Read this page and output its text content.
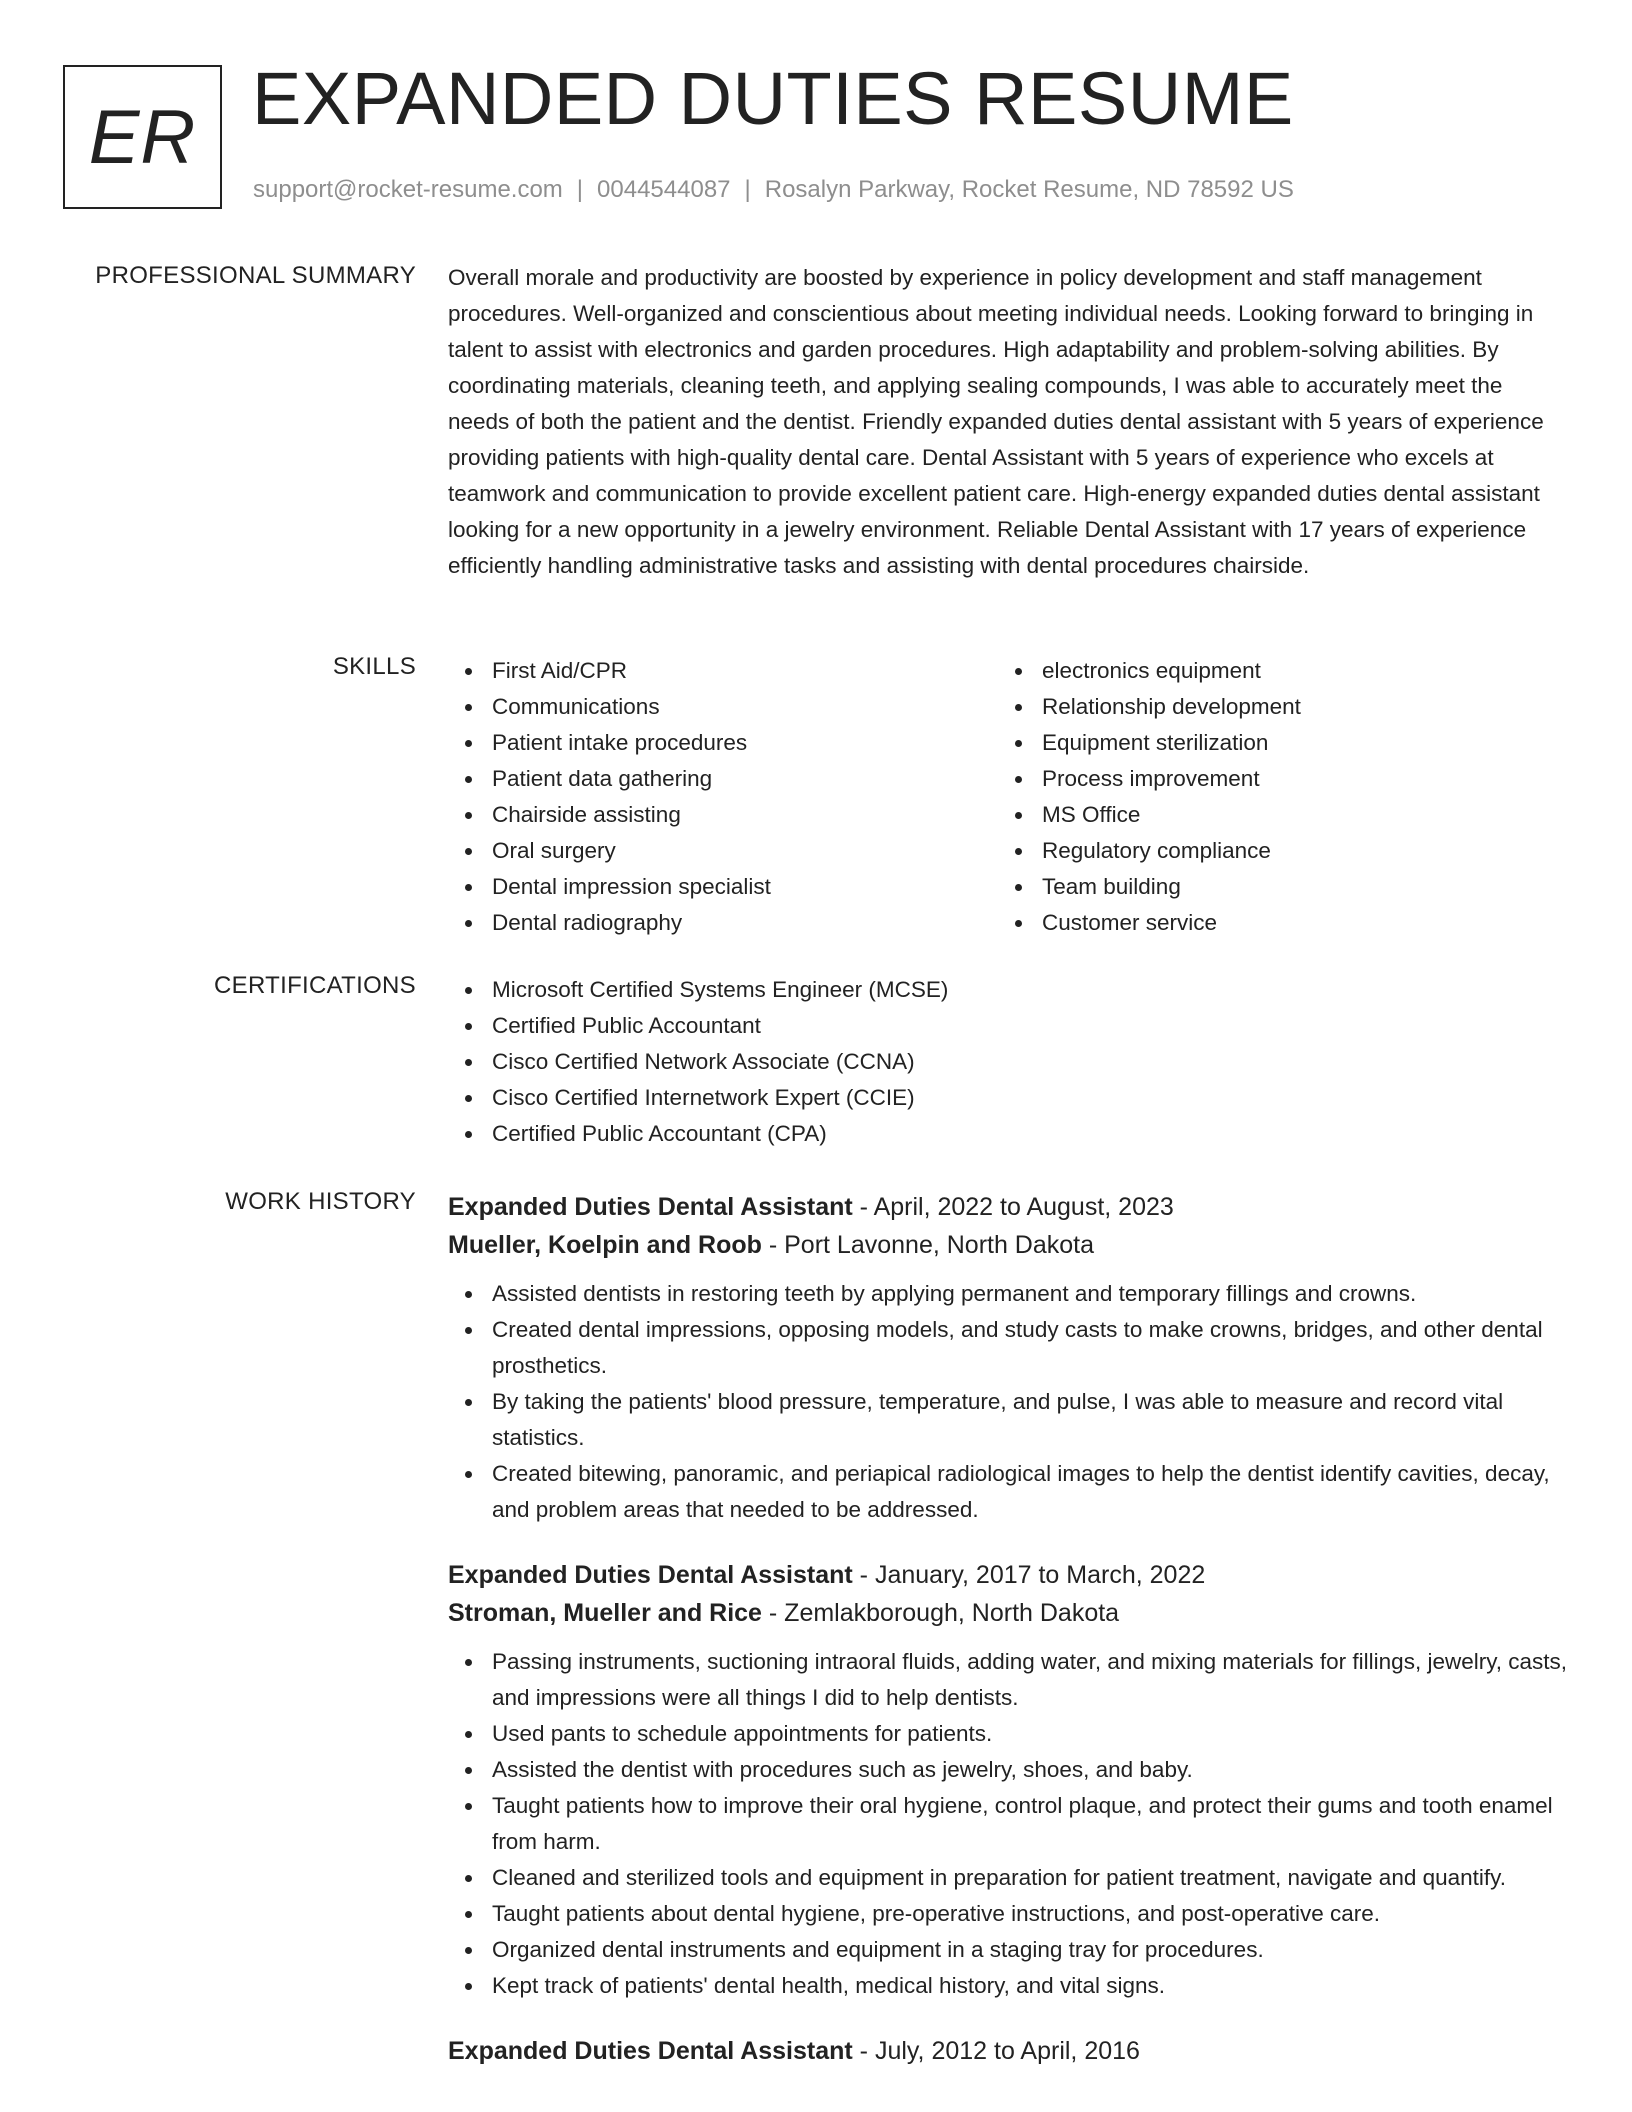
ER EXPANDED DUTIES RESUME
support@rocket-resume.com | 0044544087 | Rosalyn Parkway, Rocket Resume, ND 78592 US
PROFESSIONAL SUMMARY Overall morale and productivity are boosted by experience in policy development and staff management procedures. Well-organized and conscientious about meeting individual needs. Looking forward to bringing in talent to assist with electronics and garden procedures. High adaptability and problem-solving abilities. By coordinating materials, cleaning teeth, and applying sealing compounds, I was able to accurately meet the needs of both the patient and the dentist. Friendly expanded duties dental assistant with 5 years of experience providing patients with high-quality dental care. Dental Assistant with 5 years of experience who excels at teamwork and communication to provide excellent patient care. High-energy expanded duties dental assistant looking for a new opportunity in a jewelry environment. Reliable Dental Assistant with 17 years of experience efficiently handling administrative tasks and assisting with dental procedures chairside.
SKILLS	First Aid/CPR
Communications
Patient intake procedures
Patient data gathering
Chairside assisting
Oral surgery
Dental impression specialist
Dental radiography
electronics equipment
Relationship development
Equipment sterilization
Process improvement
MS Office
Regulatory compliance
Team building
Customer service
CERTIFICATIONS	Microsoft Certified Systems Engineer (MCSE)
Certified Public Accountant
Cisco Certified Network Associate (CCNA)
Cisco Certified Internetwork Expert (CCIE)
Certified Public Accountant (CPA)
WORK HISTORY Expanded Duties Dental Assistant - April, 2022 to August, 2023
Mueller, Koelpin and Roob - Port Lavonne, North Dakota
Assisted dentists in restoring teeth by applying permanent and temporary fillings and crowns.
Created dental impressions, opposing models, and study casts to make crowns, bridges, and other dental prosthetics.
By taking the patients' blood pressure, temperature, and pulse, I was able to measure and record vital statistics.
Created bitewing, panoramic, and periapical radiological images to help the dentist identify cavities, decay, and problem areas that needed to be addressed.
Expanded Duties Dental Assistant - January, 2017 to March, 2022
Stroman, Mueller and Rice - Zemlakborough, North Dakota
Passing instruments, suctioning intraoral fluids, adding water, and mixing materials for fillings, jewelry, casts, and impressions were all things I did to help dentists.
Used pants to schedule appointments for patients.
Assisted the dentist with procedures such as jewelry, shoes, and baby.
Taught patients how to improve their oral hygiene, control plaque, and protect their gums and tooth enamel from harm.
Cleaned and sterilized tools and equipment in preparation for patient treatment, navigate and quantify.
Taught patients about dental hygiene, pre-operative instructions, and post-operative care.
Organized dental instruments and equipment in a staging tray for procedures.
Kept track of patients' dental health, medical history, and vital signs.
Expanded Duties Dental Assistant - July, 2012 to April, 2016
